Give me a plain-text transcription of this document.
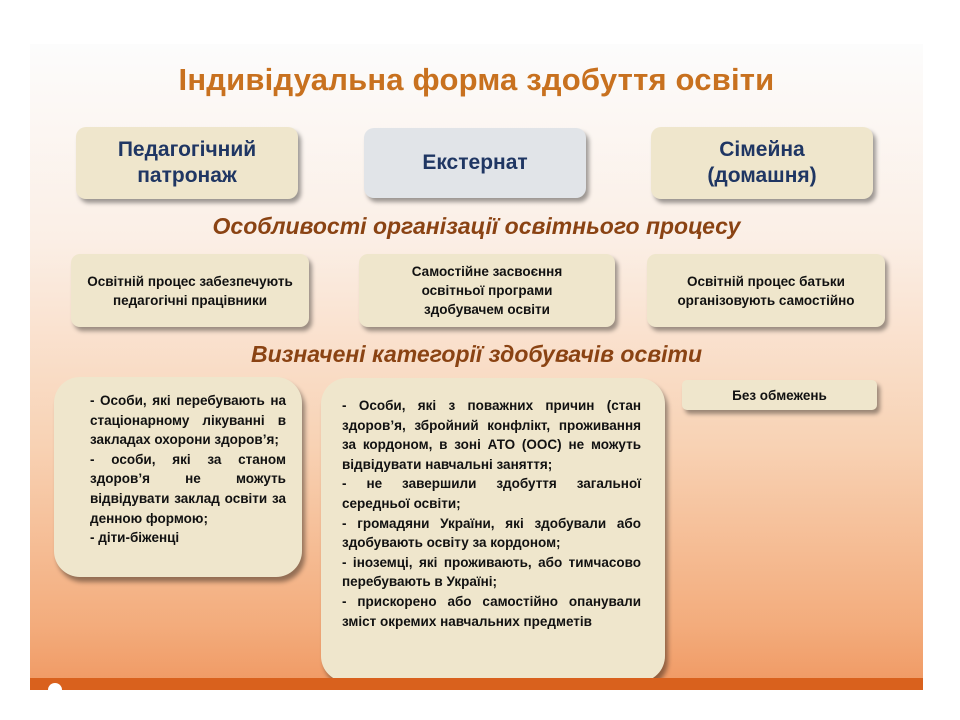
Індивідуальна форма здобуття освіти
Педагогічний патронаж
Екстернат
Сімейна (домашня)
Особливості організації освітнього процесу
Освітній процес забезпечують педагогічні працівники
Самостійне засвоєння освітньої програми здобувачем освіти
Освітній процес батьки організовують самостійно
Визначені категорії здобувачів освіти
- Особи, які перебувають на стаціонарному лікуванні в закладах охорони здоров’я;
- особи, які за станом здоров’я не можуть відвідувати заклад освіти за денною формою;
- діти-біженці
- Особи, які з поважних причин (стан здоров’я, збройний конфлікт, проживання за кордоном, в зоні АТО (ООС) не можуть відвідувати навчальні заняття;
- не завершили здобуття загальної середньої освіти;
- громадяни України, які здобували або здобувають освіту за кордоном;
- іноземці, які проживають, або тимчасово перебувають в Україні;
- прискорено або самостійно опанували зміст окремих навчальних предметів
Без обмежень
